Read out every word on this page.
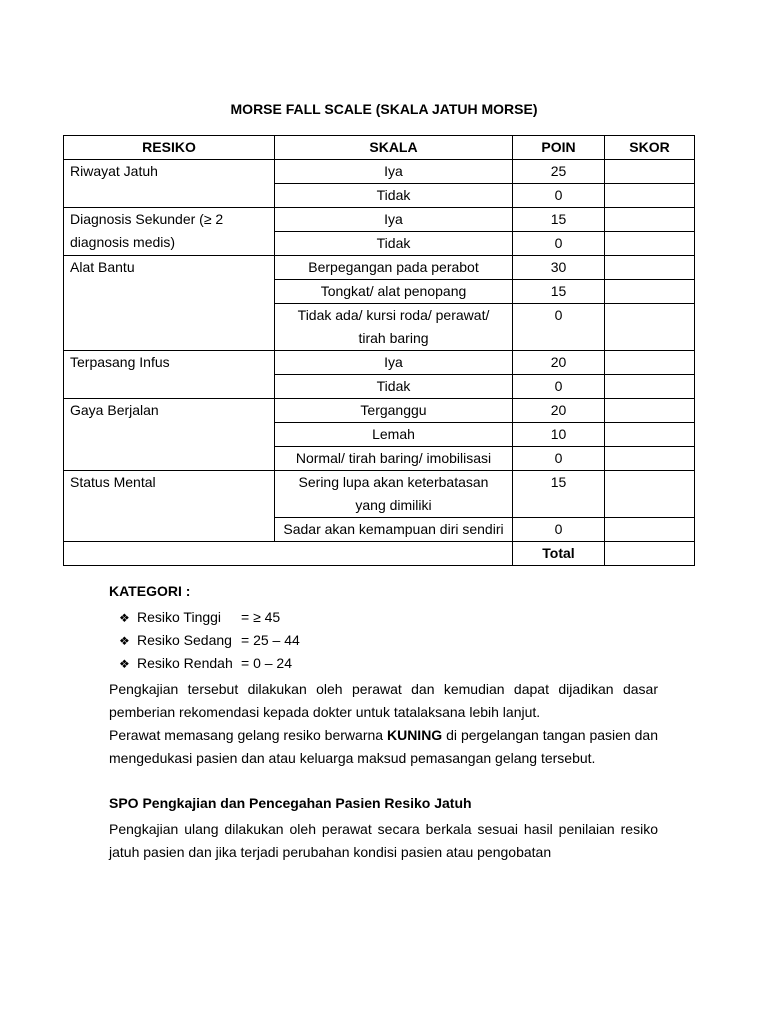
MORSE FALL SCALE (SKALA JATUH MORSE)
RESIKO	SKALA	POIN	SKOR
Riwayat Jatuh	Iya	25	
	Tidak	0	
Diagnosis Sekunder (≥ 2 diagnosis medis)	Iya	15	
	Tidak	0	
Alat Bantu	Berpegangan pada perabot	30	
	Tongkat/ alat penopang	15	
	Tidak ada/ kursi roda/ perawat/ tirah baring	0	
Terpasang Infus	Iya	20	
	Tidak	0	
Gaya Berjalan	Terganggu	20	
	Lemah	10	
	Normal/ tirah baring/ imobilisasi	0	
Status Mental	Sering lupa akan keterbatasan yang dimiliki	15	
	Sadar akan kemampuan diri sendiri	0	
		Total	
KATEGORI :
❖ Resiko Tinggi = ≥ 45
❖ Resiko Sedang = 25 – 44
❖ Resiko Rendah = 0 – 24
Pengkajian tersebut dilakukan oleh perawat dan kemudian dapat dijadikan dasar pemberian rekomendasi kepada dokter untuk tatalaksana lebih lanjut.
Perawat memasang gelang resiko berwarna KUNING di pergelangan tangan pasien dan mengedukasi pasien dan atau keluarga maksud pemasangan gelang tersebut.
SPO Pengkajian dan Pencegahan Pasien Resiko Jatuh
Pengkajian ulang dilakukan oleh perawat secara berkala sesuai hasil penilaian resiko jatuh pasien dan jika terjadi perubahan kondisi pasien atau pengobatan
